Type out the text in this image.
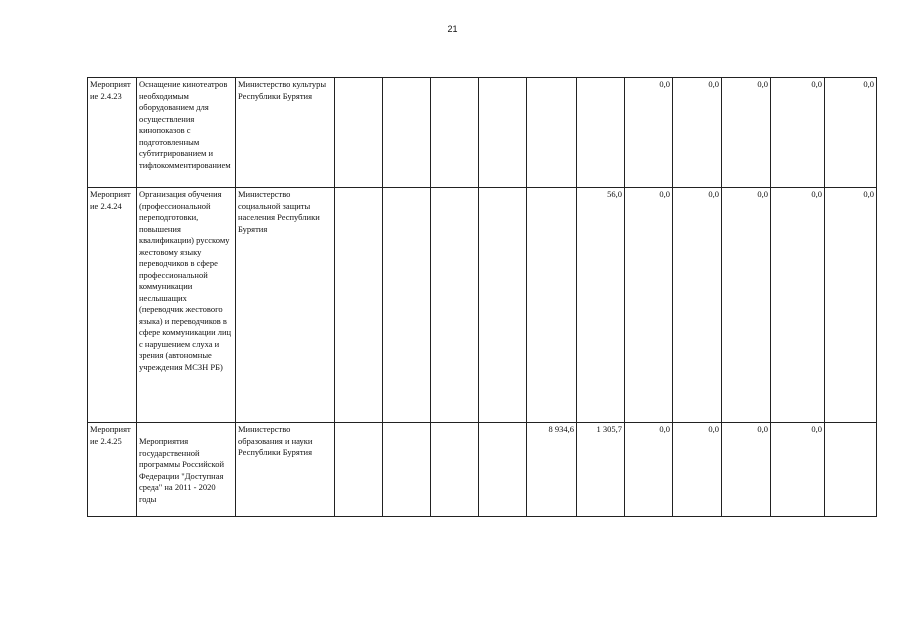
21
Мероприятие 2.4.23	Оснащение кинотеатров необходимым оборудованием для осуществления кинопоказов с подготовленным субтитрированием и тифлокомментированием	Министерство культуры Республики Бурятия							0,0	0,0	0,0	0,0	0,0
Мероприятие 2.4.24	Организация обучения (профессиональной переподготовки, повышения квалификации) русскому жестовому языку переводчиков в сфере профессиональной коммуникации неслышащих (переводчик жестового языка) и переводчиков в сфере коммуникации лиц с нарушением слуха и зрения (автономные учреждения МСЗН РБ)	Министерство социальной защиты населения Республики Бурятия						56,0	0,0	0,0	0,0	0,0	0,0
Мероприятие 2.4.25	Мероприятия государственной программы Российской Федерации "Доступная среда" на 2011 - 2020 годы	Министерство образования и науки Республики Бурятия					8 934,6	1 305,7	0,0	0,0	0,0	0,0	
